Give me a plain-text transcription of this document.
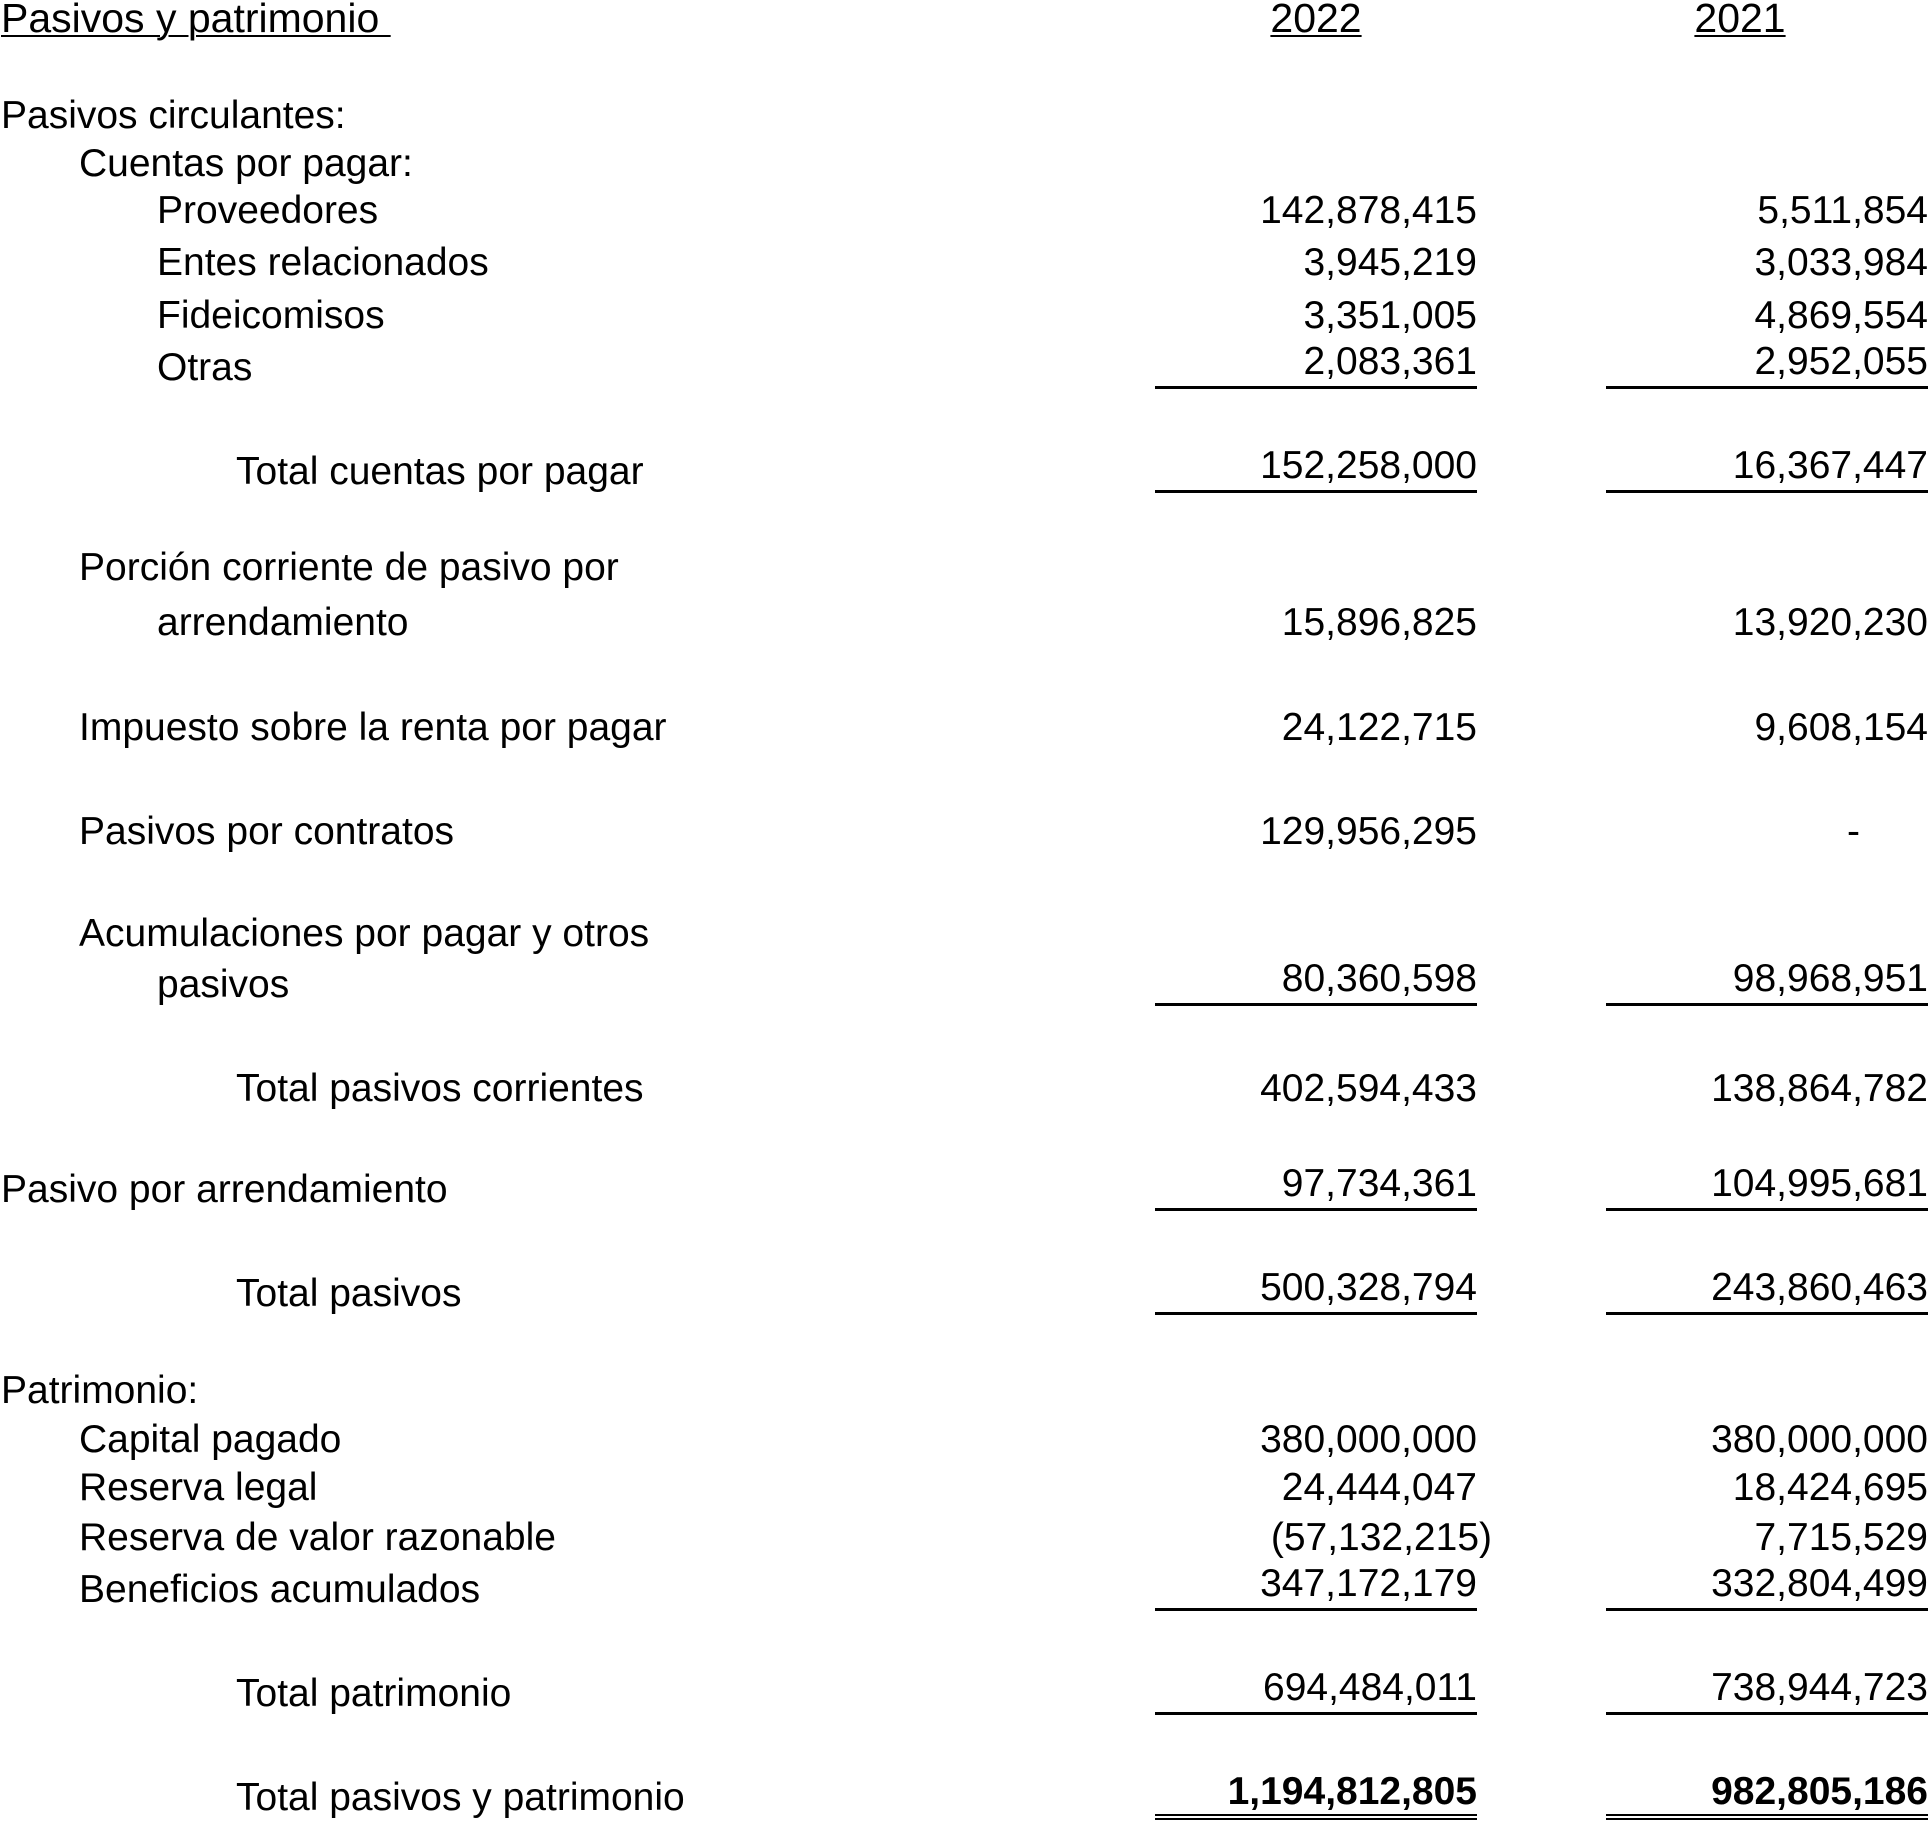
Pasivos y patrimonio	2022	2021
Pasivos circulantes:
Cuentas por pagar:
Proveedores	142,878,415	5,511,854
Entes relacionados	3,945,219	3,033,984
Fideicomisos	3,351,005	4,869,554
Otras	2,083,361	2,952,055
Total cuentas por pagar	152,258,000	16,367,447
Porción corriente de pasivo por
arrendamiento	15,896,825	13,920,230
Impuesto sobre la renta por pagar	24,122,715	9,608,154
Pasivos por contratos	129,956,295	-
Acumulaciones por pagar y otros
pasivos	80,360,598	98,968,951
Total pasivos corrientes	402,594,433	138,864,782
Pasivo por arrendamiento	97,734,361	104,995,681
Total pasivos	500,328,794	243,860,463
Patrimonio:
Capital pagado	380,000,000	380,000,000
Reserva legal	24,444,047	18,424,695
Reserva de valor razonable	(57,132,215)	7,715,529
Beneficios acumulados	347,172,179	332,804,499
Total patrimonio	694,484,011	738,944,723
Total pasivos y patrimonio	1,194,812,805	982,805,186
